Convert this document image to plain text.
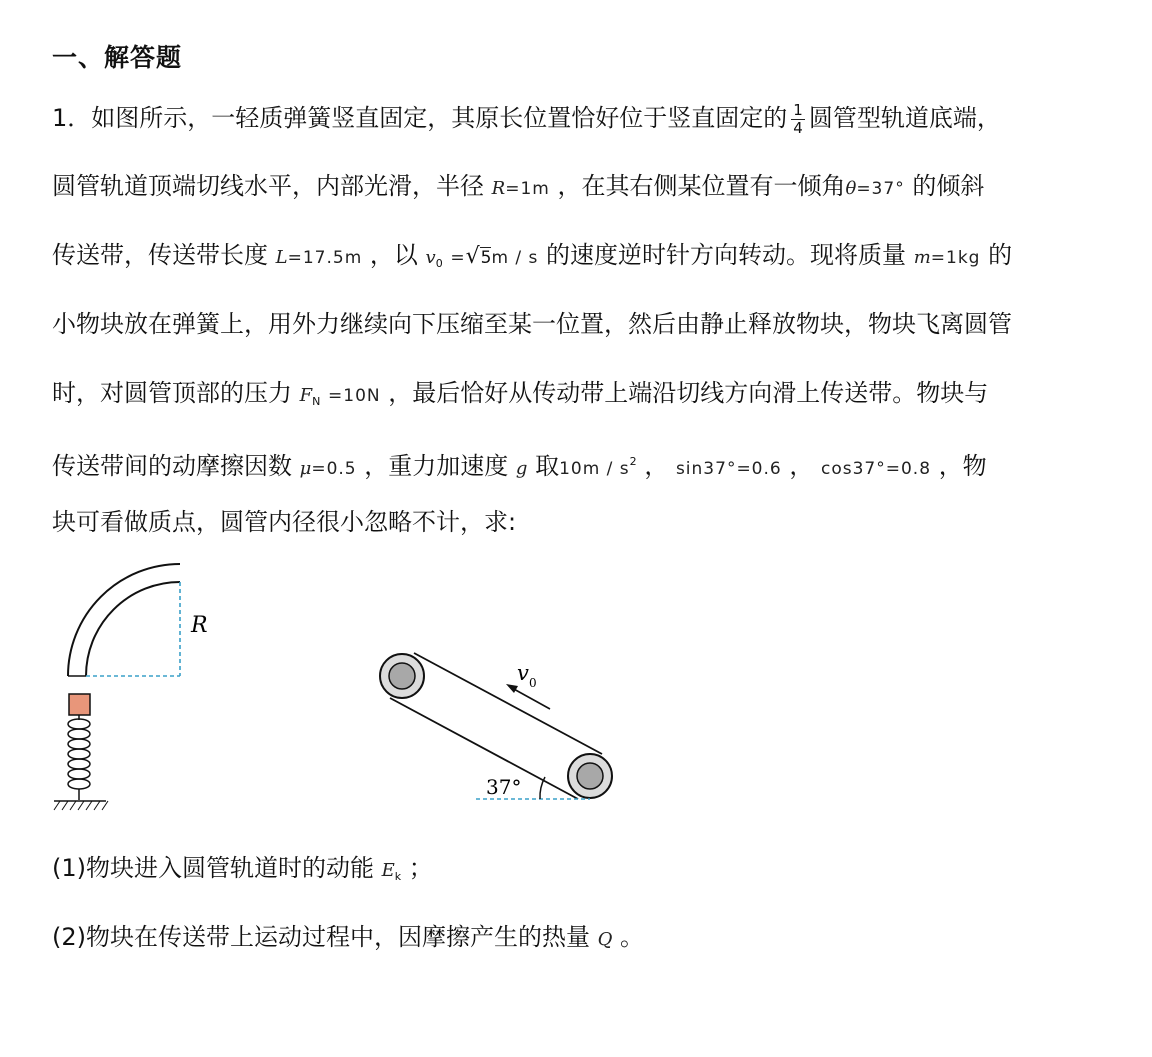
一、解答题
1．如图所示，一轻质弹簧竖直固定，其原长位置恰好位于竖直固定的 $\frac{1}{4}$ 圆管型轨道底端，
圆管轨道顶端切线水平，内部光滑，半径 R=1m ，在其右侧某位置有一倾角θ=37° 的倾斜
传送带，传送带长度 L=17.5m ，以 $v_0 =√5m / s$ 的速度逆时针方向转动。现将质量 m=1kg 的
小物块放在弹簧上，用外力继续向下压缩至某一位置，然后由静止释放物块，物块飞离圆管
时，对圆管顶部的压力 $F_N =10N$ ，最后恰好从传动带上端沿切线方向滑上传送带。物块与
传送带间的动摩擦因数 μ=0.5 ，重力加速度 g 取$10m / s^2$ ， sin37°=0.6 ， cos37°=0.8 ，物
块可看做质点，圆管内径很小忽略不计，求:
R
v 0
37°
(1)物块进入圆管轨道时的动能 $E_k$ ；
(2)物块在传送带上运动过程中，因摩擦产生的热量 Q 。
